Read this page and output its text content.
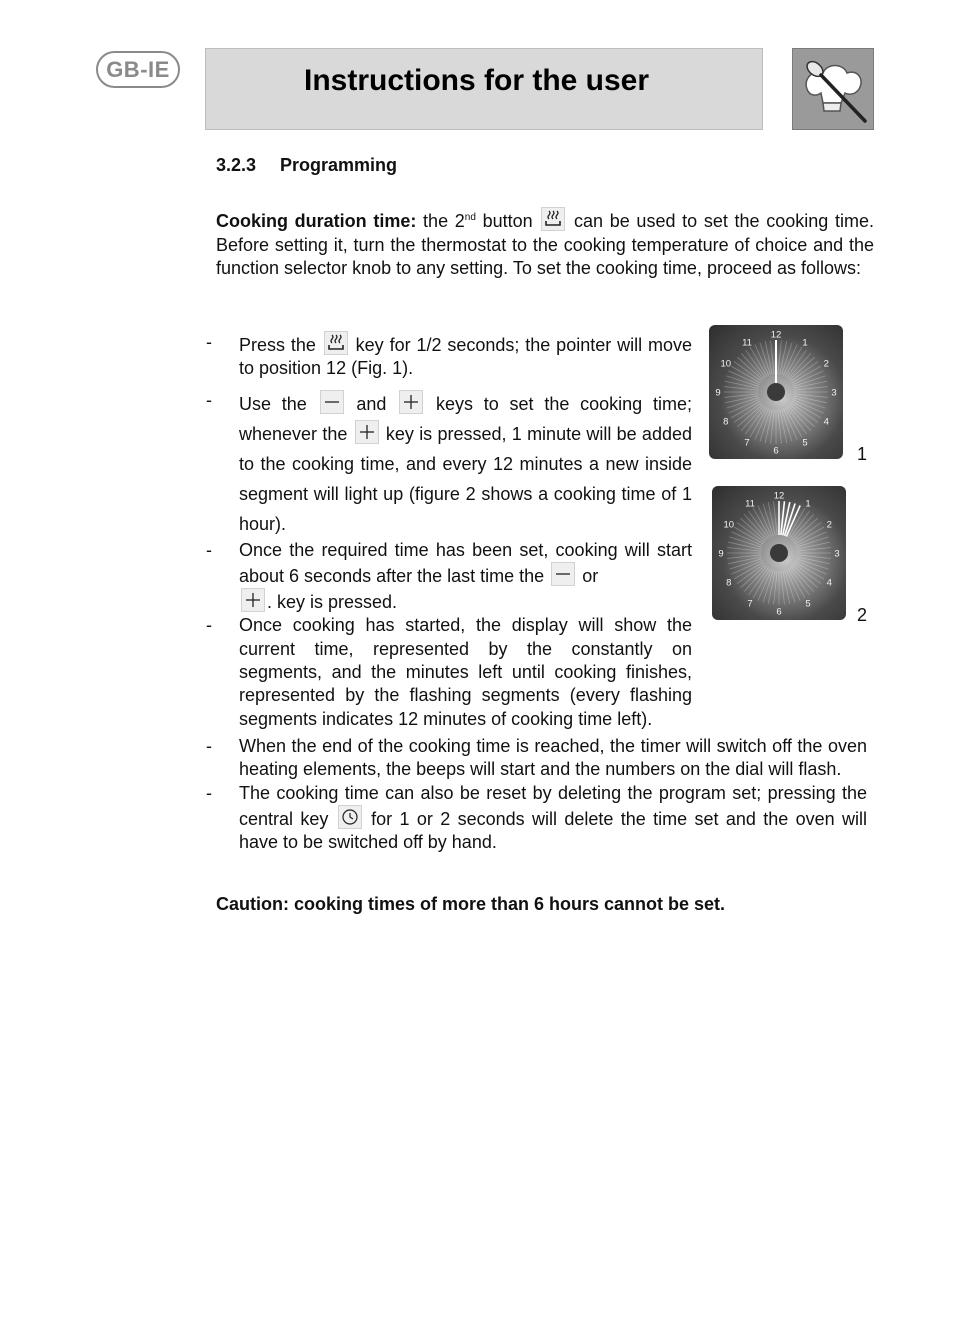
GB-IE	Instructions for the user
3.2.3 Programming
Cooking duration time: the 2nd button
can be used to set the cooking time. Before setting it, turn the thermostat to the cooking temperature of choice and the function selector knob to any setting. To set the cooking time, proceed as follows:
- Press the
key for 1/2 seconds; the pointer will move to position 12 (Fig. 1).
- Use the
and
keys to set the cooking time; whenever the
key is pressed, 1 minute will be added to the cooking time, and every 12 minutes a new inside segment will light up (figure 2 shows a cooking time of 1 hour).
- Once the required time has been set, cooking will start about 6 seconds after the last time the
or

. key is pressed.
- Once cooking has started, the display will show the current time, represented by the constantly on segments, and the minutes left until cooking finishes, represented by the flashing segments (every flashing segments indicates 12 minutes of cooking time left).
- When the end of the cooking time is reached, the timer will switch off the oven heating elements, the beeps will start and the numbers on the dial will flash.
- The cooking time can also be reset by deleting the program set; pressing the central key
for 1 or 2 seconds will delete the time set and the oven will have to be switched off by hand.
12
1
2
3
4
5
6
7
8
9
10
11
1
12
1
2
3
4
5
6
7
8
9
10
11
2
Caution: cooking times of more than 6 hours cannot be set.
